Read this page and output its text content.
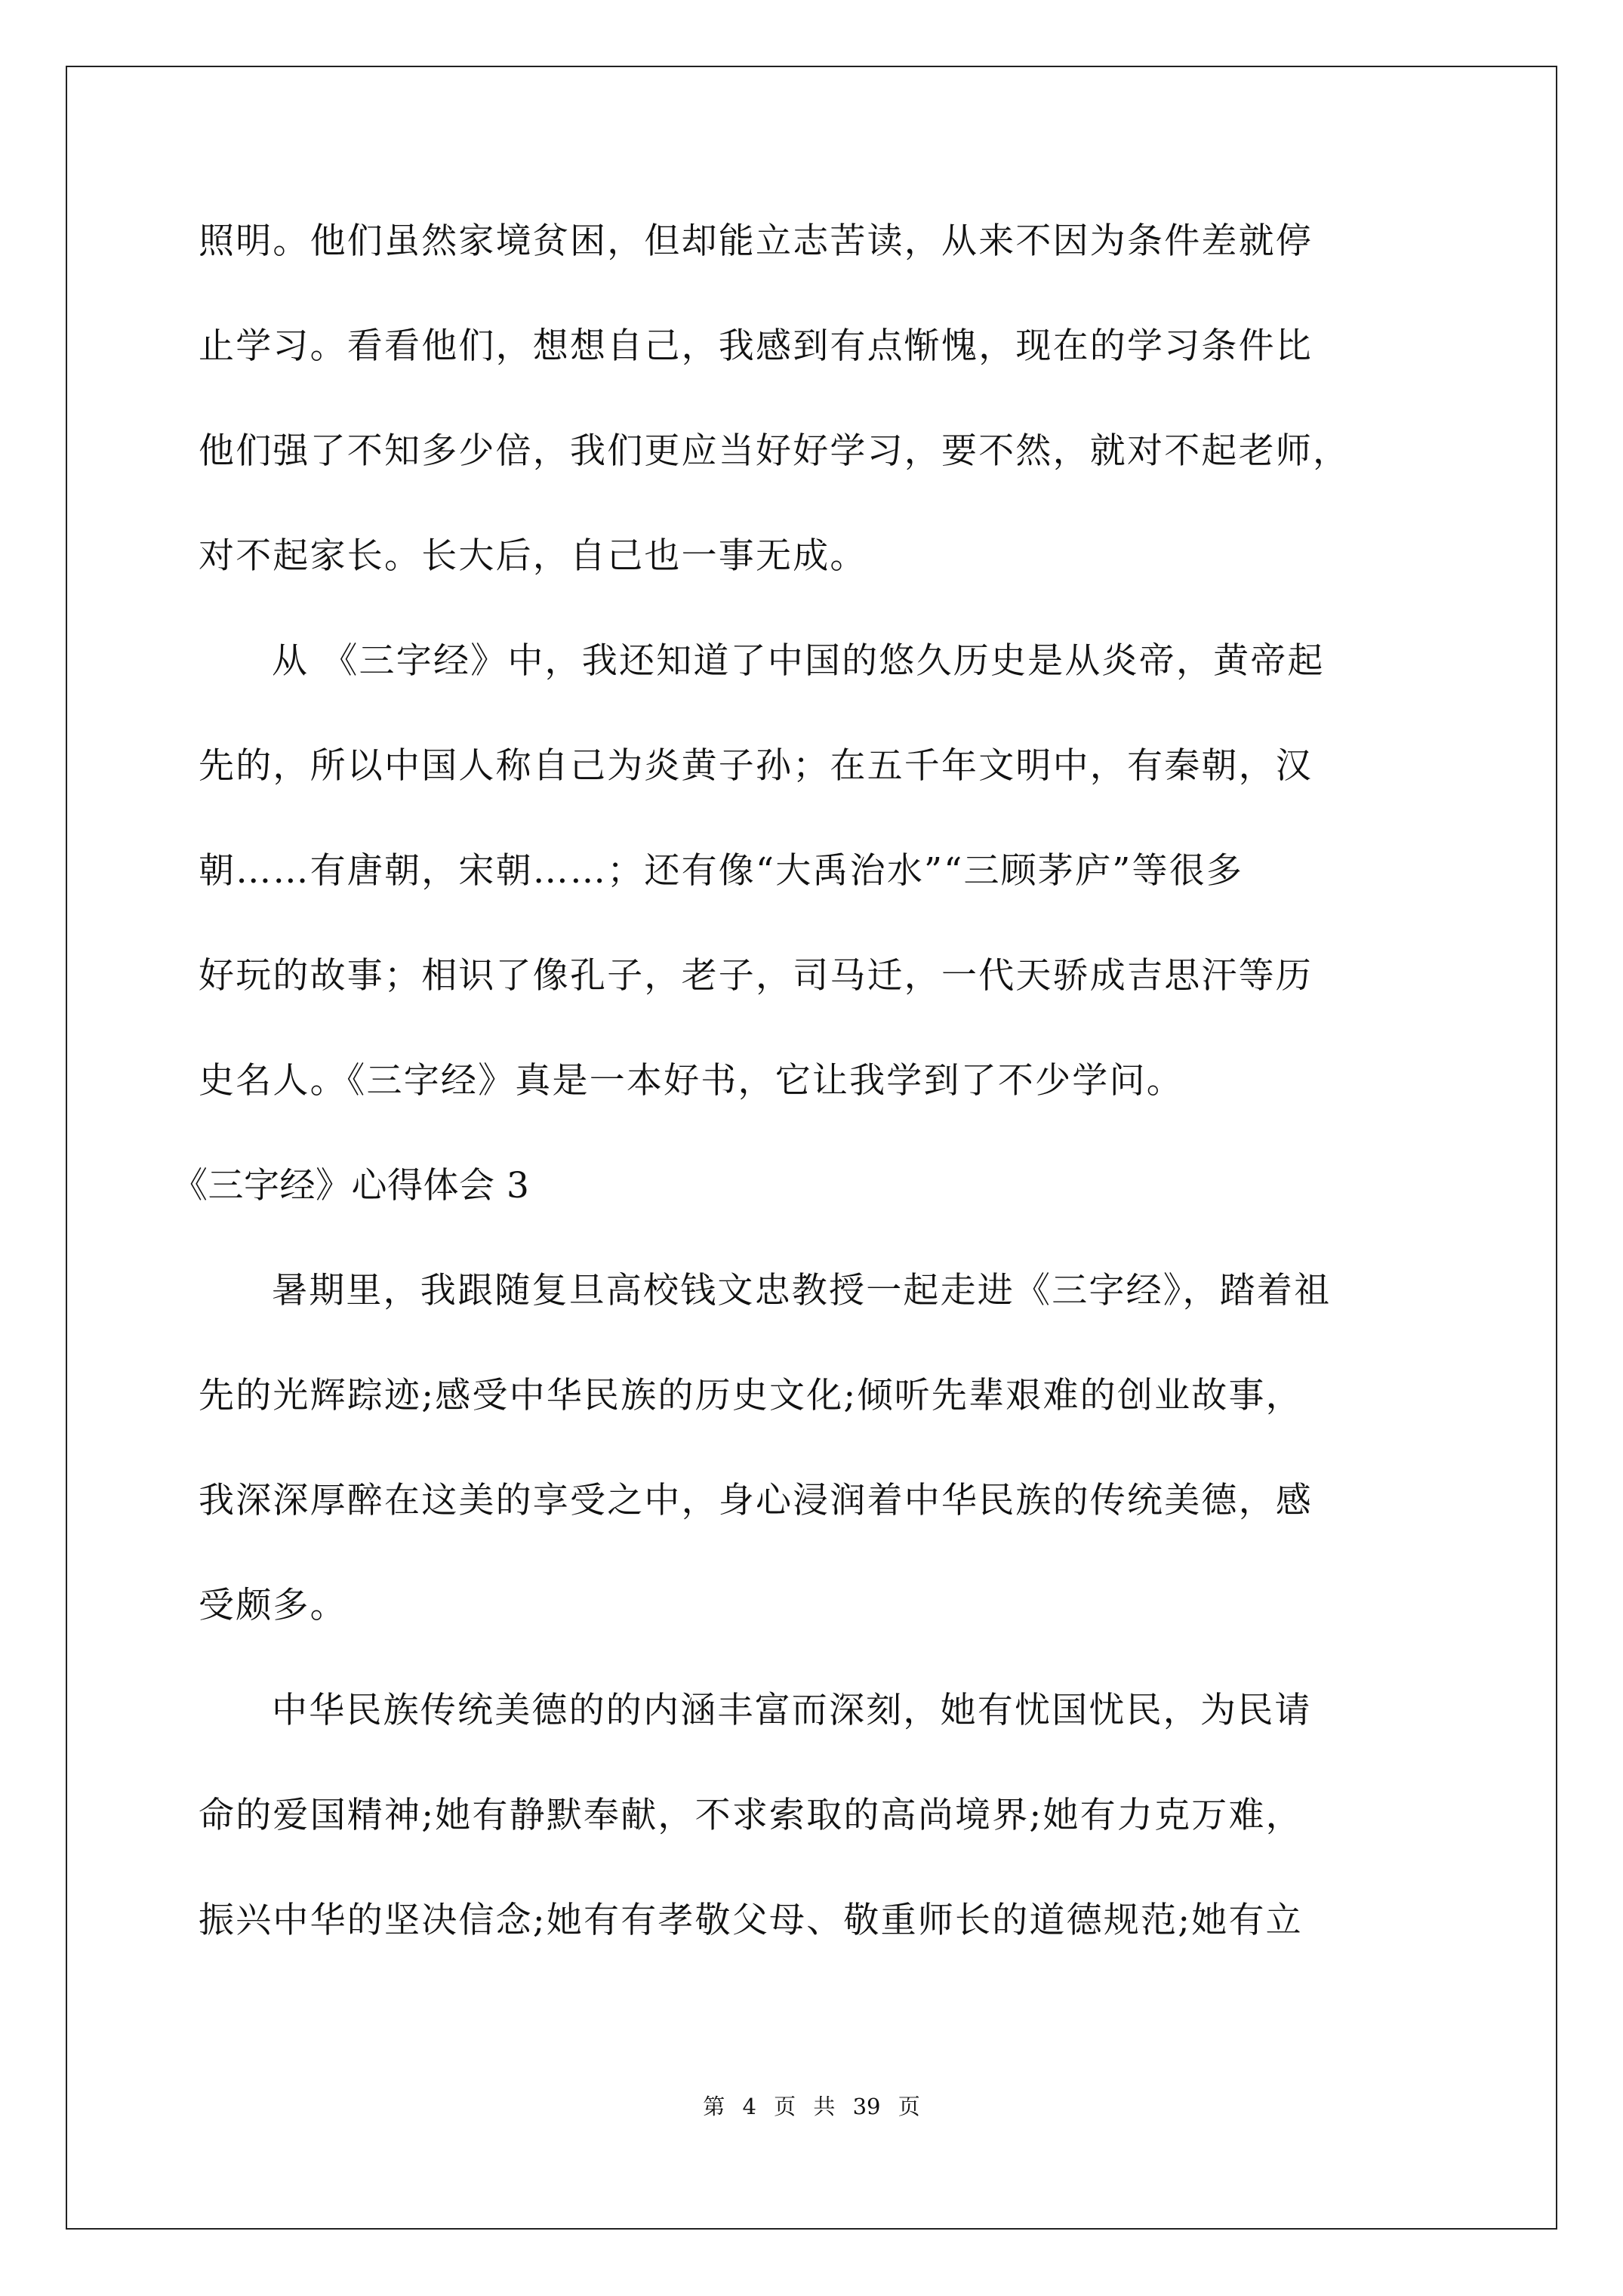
照明。他们虽然家境贫困，但却能立志苦读，从来不因为条件差就停
止学习。看看他们，想想自己，我感到有点惭愧，现在的学习条件比
他们强了不知多少倍，我们更应当好好学习，要不然，就对不起老师，
对不起家长。长大后，自己也一事无成。
从 《三字经》中，我还知道了中国的悠久历史是从炎帝，黄帝起
先的，所以中国人称自己为炎黄子孙；在五千年文明中，有秦朝，汉
朝……有唐朝，宋朝……；还有像“大禹治水”“三顾茅庐”等很多
好玩的故事；相识了像孔子，老子，司马迁，一代天骄成吉思汗等历
史名人。《三字经》真是一本好书，它让我学到了不少学问。
《三字经》心得体会 3
暑期里，我跟随复旦高校钱文忠教授一起走进《三字经》，踏着祖
先的光辉踪迹;感受中华民族的历史文化;倾听先辈艰难的创业故事，
我深深厚醉在这美的享受之中，身心浸润着中华民族的传统美德，感
受颇多。
中华民族传统美德的的内涵丰富而深刻，她有忧国忧民，为民请
命的爱国精神;她有静默奉献，不求索取的高尚境界;她有力克万难，
振兴中华的坚决信念;她有有孝敬父母、敬重师长的道德规范;她有立
第 4 页 共 39 页
